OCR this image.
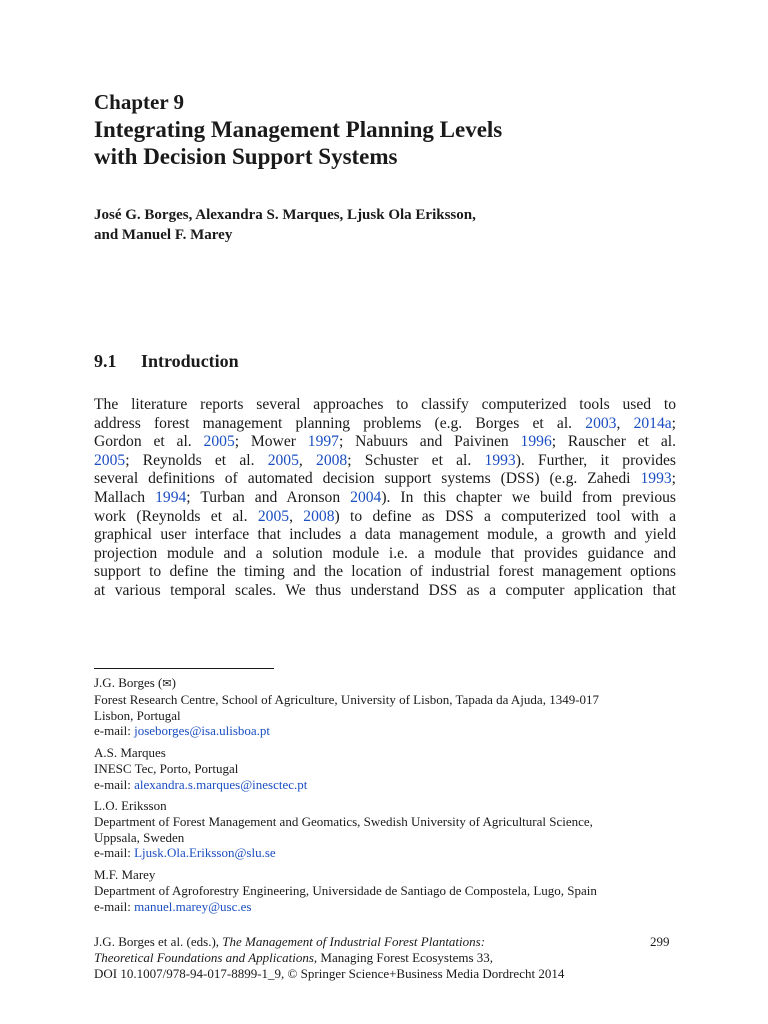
Chapter 9
Integrating Management Planning Levels
with Decision Support Systems
José G. Borges, Alexandra S. Marques, Ljusk Ola Eriksson,
and Manuel F. Marey
9.1 Introduction
The literature reports several approaches to classify computerized tools used to
address forest management planning problems (e.g. Borges et al. 2003, 2014a;
Gordon et al. 2005; Mower 1997; Nabuurs and Paivinen 1996; Rauscher et al.
2005; Reynolds et al. 2005, 2008; Schuster et al. 1993). Further, it provides
several definitions of automated decision support systems (DSS) (e.g. Zahedi 1993;
Mallach 1994; Turban and Aronson 2004). In this chapter we build from previous
work (Reynolds et al. 2005, 2008) to define as DSS a computerized tool with a
graphical user interface that includes a data management module, a growth and yield
projection module and a solution module i.e. a module that provides guidance and
support to define the timing and the location of industrial forest management options
at various temporal scales. We thus understand DSS as a computer application that
J.G. Borges (✉)
Forest Research Centre, School of Agriculture, University of Lisbon, Tapada da Ajuda, 1349-017
Lisbon, Portugal
e-mail: joseborges@isa.ulisboa.pt
A.S. Marques
INESC Tec, Porto, Portugal
e-mail: alexandra.s.marques@inesctec.pt
L.O. Eriksson
Department of Forest Management and Geomatics, Swedish University of Agricultural Science,
Uppsala, Sweden
e-mail: Ljusk.Ola.Eriksson@slu.se
M.F. Marey
Department of Agroforestry Engineering, Universidade de Santiago de Compostela, Lugo, Spain
e-mail: manuel.marey@usc.es
J.G. Borges et al. (eds.), The Management of Industrial Forest Plantations:
Theoretical Foundations and Applications, Managing Forest Ecosystems 33,
DOI 10.1007/978-94-017-8899-1_9, © Springer Science+Business Media Dordrecht 2014
299
